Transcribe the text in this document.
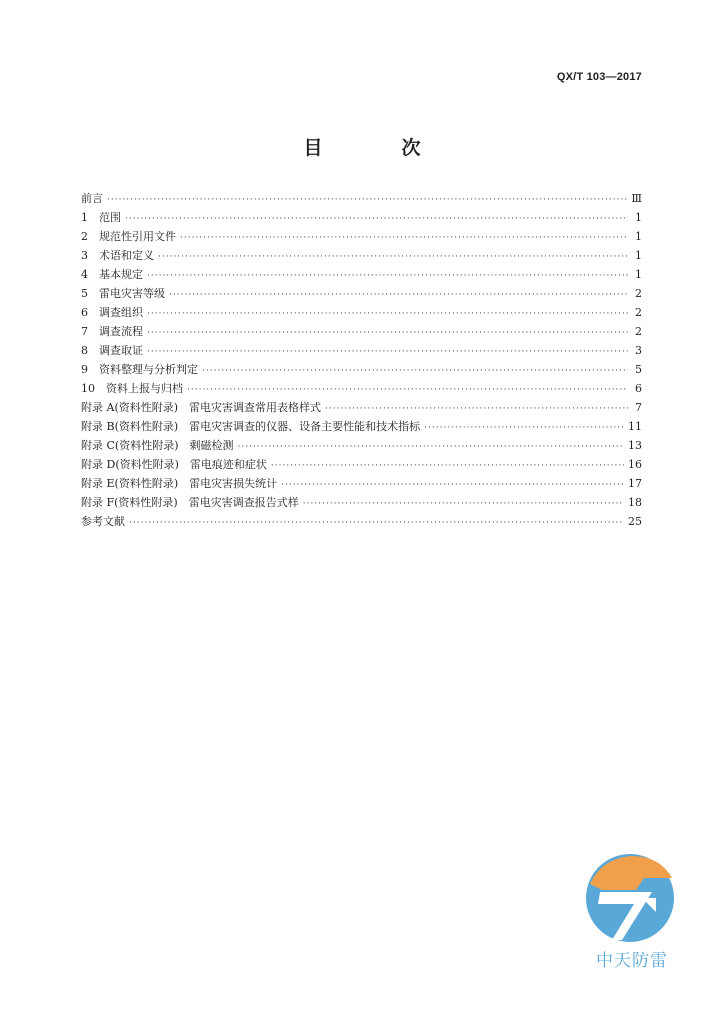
QX/T 103—2017
目　次
前言 ·····	Ⅲ
1　范围 ·····	1
2　规范性引用文件 ·····	1
3　术语和定义 ·····	1
4　基本规定 ·····	1
5　雷电灾害等级 ·····	2
6　调查组织 ·····	2
7　调查流程 ·····	2
8　调查取证 ·····	3
9　资料整理与分析判定 ·····	5
10　资料上报与归档 ·····	6
附录 A(资料性附录)　雷电灾害调查常用表格样式 ·····	7
附录 B(资料性附录)　雷电灾害调查的仪器、设备主要性能和技术指标 ·····	11
附录 C(资料性附录)　剩磁检测 ·····	13
附录 D(资料性附录)　雷电痕迹和症状 ·····	16
附录 E(资料性附录)　雷电灾害损失统计 ·····	17
附录 F(资料性附录)　雷电灾害调查报告式样 ·····	18
参考文献 ·····	25
中天防雷
